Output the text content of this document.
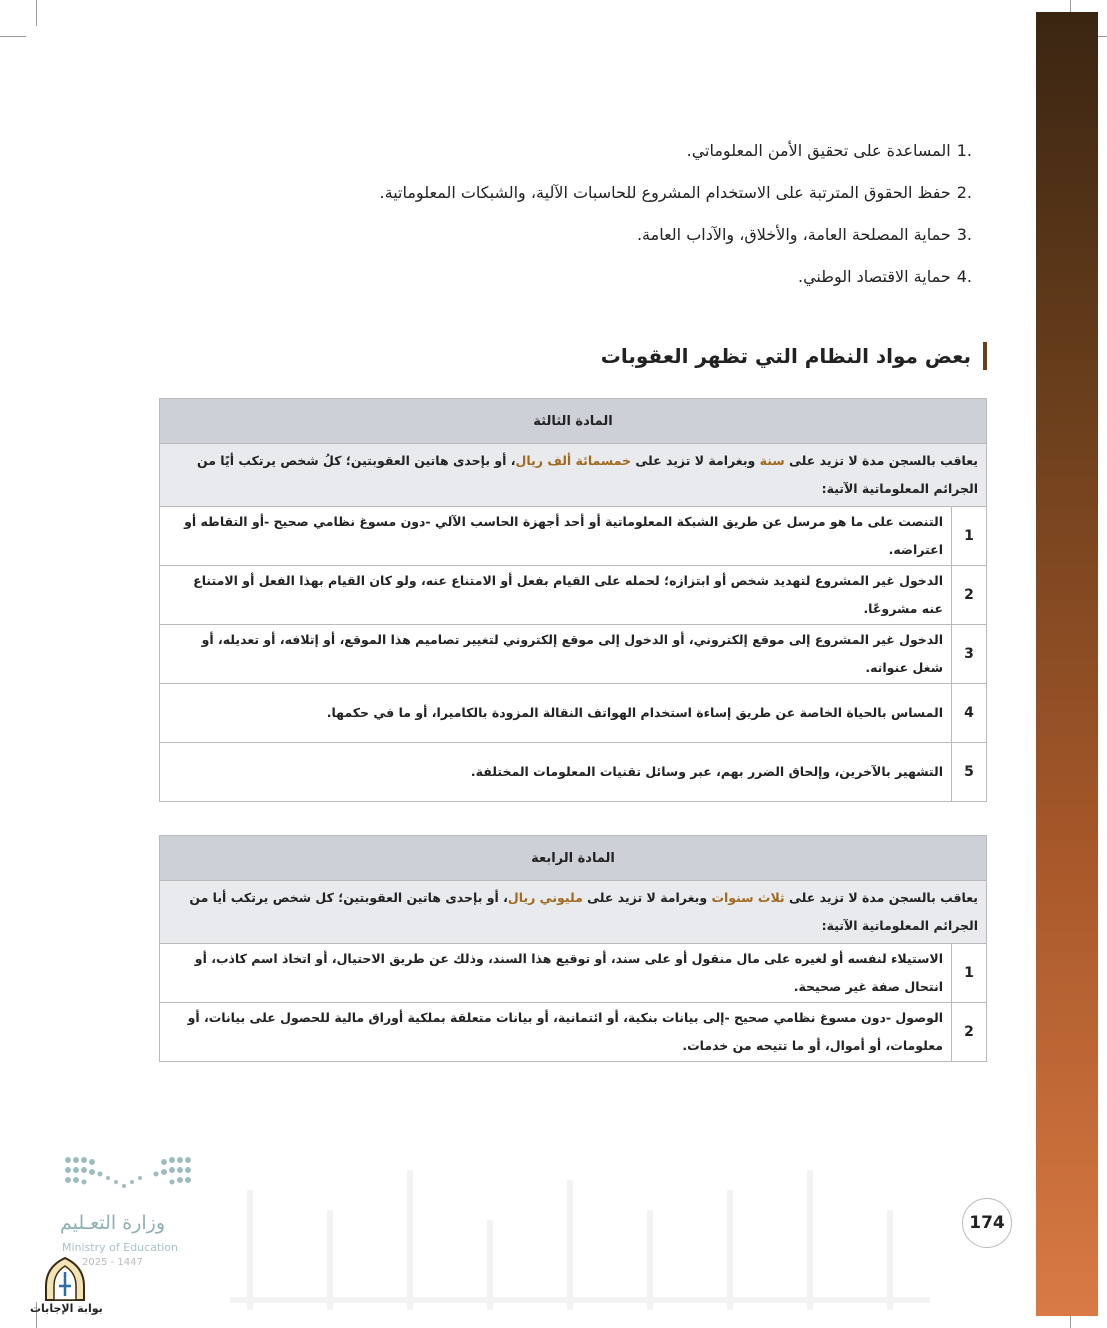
.1المساعدة على تحقيق الأمن المعلوماتي.
.2حفظ الحقوق المترتبة على الاستخدام المشروع للحاسبات الآلية، والشبكات المعلوماتية.
.3حماية المصلحة العامة، والأخلاق، والآداب العامة.
.4حماية الاقتصاد الوطني.
بعض مواد النظام التي تظهر العقوبات
المادة الثالثة	
يعاقب بالسجن مدة لا تزيد على سنة وبغرامة لا تزيد على خمسمائة ألف ريال، أو بإحدى هاتين العقوبتين؛ كلُ شخص يرتكب أيًا من الجرائم المعلوماتية الآتية:	
1	التنصت على ما هو مرسل عن طريق الشبكة المعلوماتية أو أحد أجهزة الحاسب الآلي -دون مسوغ نظامي صحيح -أو التقاطه أو اعتراضه.
2	الدخول غير المشروع لتهديد شخص أو ابتزازه؛ لحمله على القيام بفعل أو الامتناع عنه، ولو كان القيام بهذا الفعل أو الامتناع عنه مشروعًا.
3	الدخول غير المشروع إلى موقع إلكتروني، أو الدخول إلى موقع إلكتروني لتغيير تصاميم هذا الموقع، أو إتلافه، أو تعديله، أو شغل عنوانه.
4	المساس بالحياة الخاصة عن طريق إساءة استخدام الهواتف النقالة المزودة بالكاميرا، أو ما في حكمها.
5	التشهير بالآخرين، وإلحاق الضرر بهم، عبر وسائل تقنيات المعلومات المختلفة.
المادة الرابعة	
يعاقب بالسجن مدة لا تزيد على ثلاث سنوات وبغرامة لا تزيد على مليوني ريال، أو بإحدى هاتين العقوبتين؛ كل شخص يرتكب أيا من الجرائم المعلوماتية الآتية:	
1	الاستيلاء لنفسه أو لغيره على مال منقول أو على سند، أو توقيع هذا السند، وذلك عن طريق الاحتيال، أو اتخاذ اسم كاذب، أو انتحال صفة غير صحيحة.
2	الوصول -دون مسوغ نظامي صحيح -إلى بيانات بنكية، أو ائتمانية، أو بيانات متعلقة بملكية أوراق مالية للحصول على بيانات، أو معلومات، أو أموال، أو ما تتيحه من خدمات.
وزارة التعـليم
Ministry of Education
2025 - 1447
بوابة الإجابات
174
